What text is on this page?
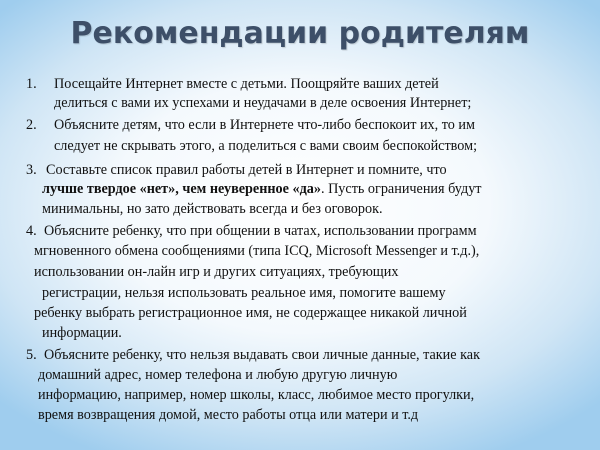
Рекомендации родителям
1. Посещайте Интернет вместе с детьми. Поощряйте ваших детей
делиться с вами их успехами и неудачами в деле освоения Интернет;
2. Объясните детям, что если в Интернете что-либо беспокоит их, то им
следует не скрывать этого, а поделиться с вами своим беспокойством;
3. Составьте список правил работы детей в Интернет и помните, что
лучше твердое «нет», чем неуверенное «да». Пусть ограничения будут
минимальны, но зато действовать всегда и без оговорок.
4. Объясните ребенку, что при общении в чатах, использовании программ
мгновенного обмена сообщениями (типа ICQ, Microsoft Messenger и т.д.),
использовании он-лайн игр и других ситуациях, требующих
регистрации, нельзя использовать реальное имя, помогите вашему
ребенку выбрать регистрационное имя, не содержащее никакой личной
информации.
5. Объясните ребенку, что нельзя выдавать свои личные данные, такие как
домашний адрес, номер телефона и любую другую личную
информацию, например, номер школы, класс, любимое место прогулки,
время возвращения домой, место работы отца или матери и т.д
